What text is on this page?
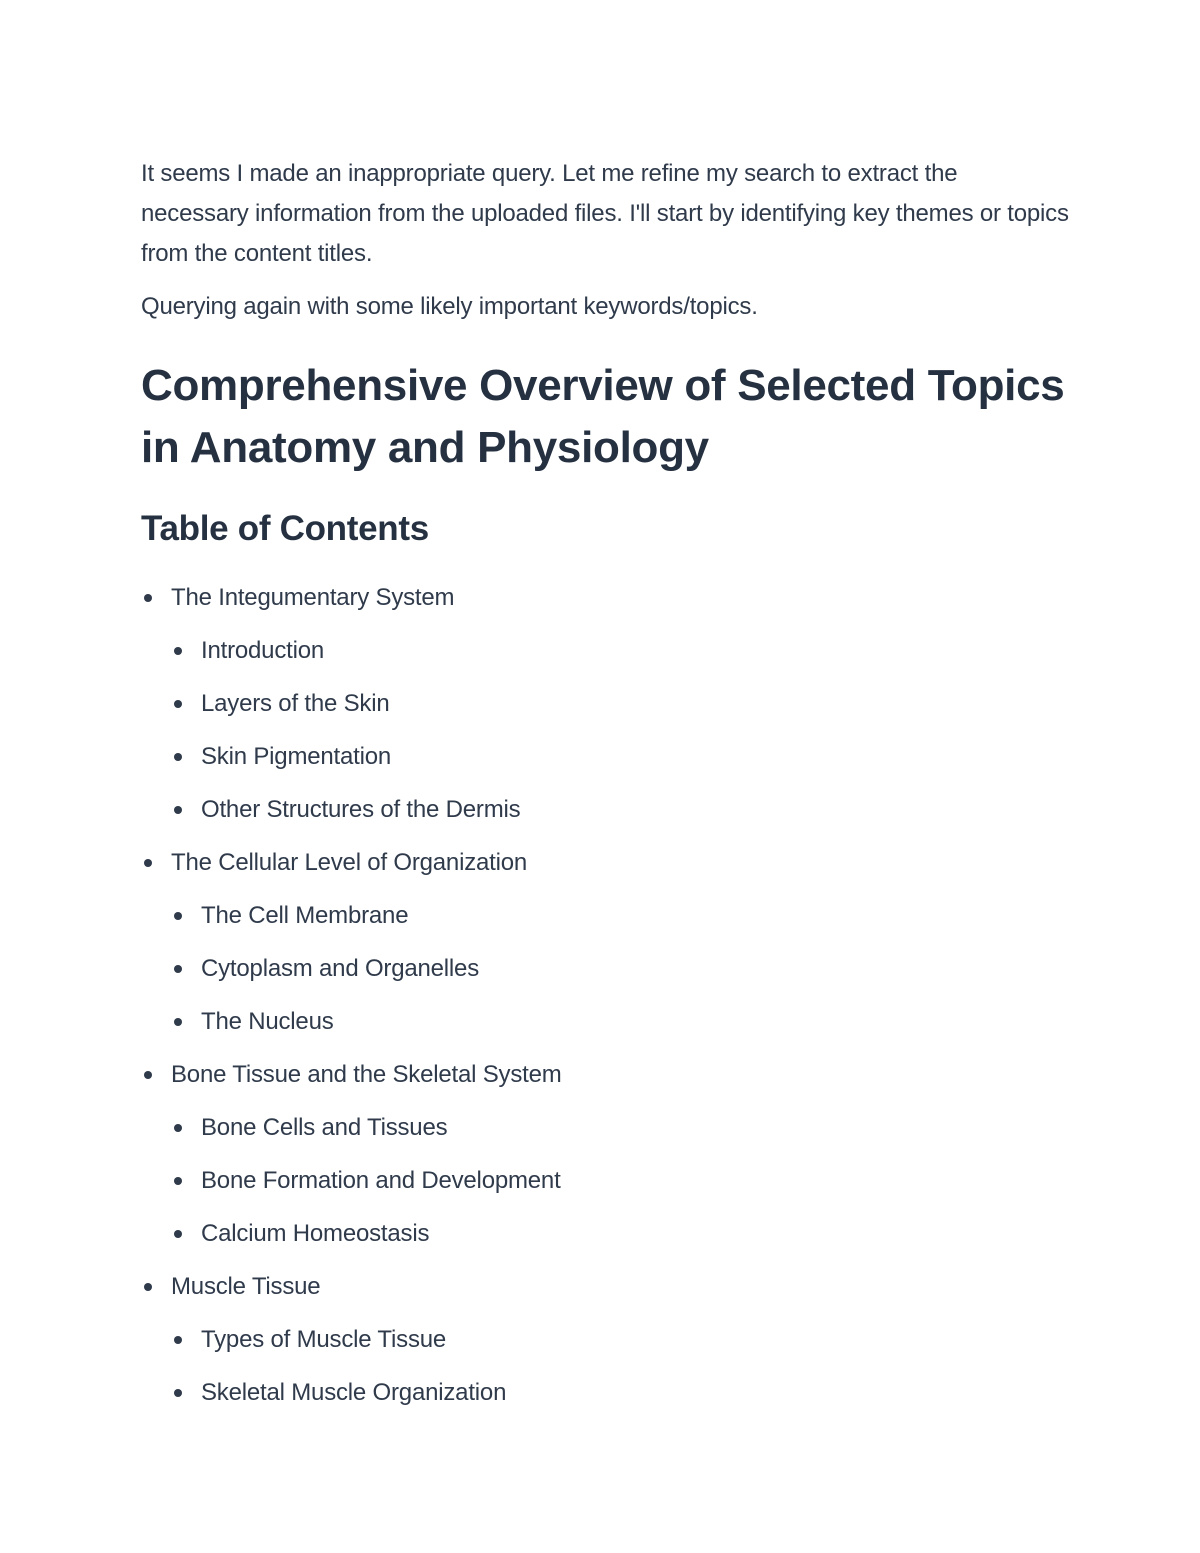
It seems I made an inappropriate query. Let me refine my search to extract the necessary information from the uploaded files. I'll start by identifying key themes or topics from the content titles.

Querying again with some likely important keywords/topics.

Comprehensive Overview of Selected Topics in Anatomy and Physiology
Table of Contents
The Integumentary System
Introduction
Layers of the Skin
Skin Pigmentation
Other Structures of the Dermis
The Cellular Level of Organization
The Cell Membrane
Cytoplasm and Organelles
The Nucleus
Bone Tissue and the Skeletal System
Bone Cells and Tissues
Bone Formation and Development
Calcium Homeostasis
Muscle Tissue
Types of Muscle Tissue
Skeletal Muscle Organization
